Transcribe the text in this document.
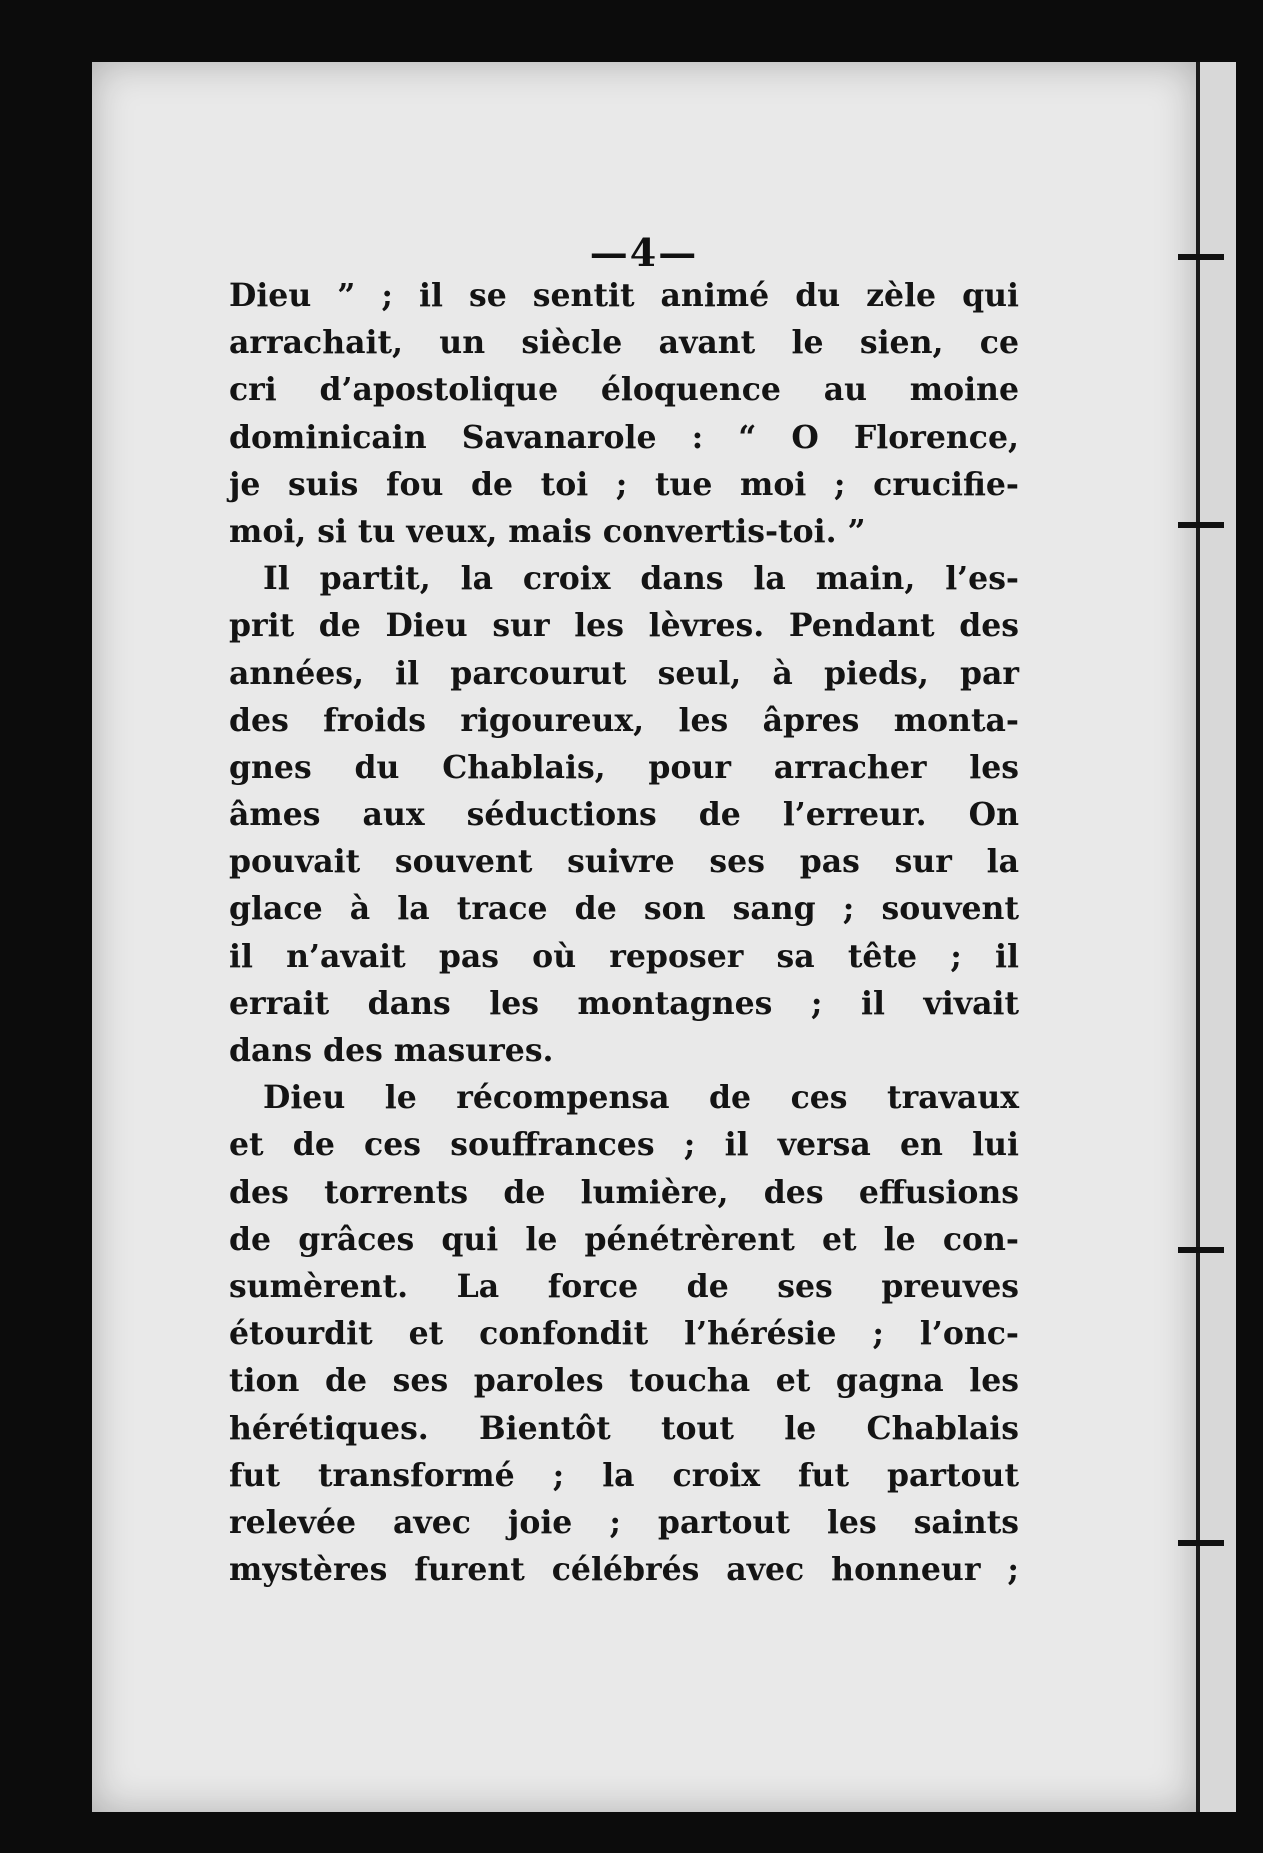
—4—
Dieu ” ; il se sentit animé du zèle qui
arrachait, un siècle avant le sien, ce
cri d’apostolique éloquence au moine
dominicain Savanarole : “ O Florence,
je suis fou de toi ; tue moi ; crucifie-
moi, si tu veux, mais convertis-toi. ”
Il partit, la croix dans la main, l’es-
prit de Dieu sur les lèvres. Pendant des
années, il parcourut seul, à pieds, par
des froids rigoureux, les âpres monta-
gnes du Chablais, pour arracher les
âmes aux séductions de l’erreur. On
pouvait souvent suivre ses pas sur la
glace à la trace de son sang ; souvent
il n’avait pas où reposer sa tête ; il
errait dans les montagnes ; il vivait
dans des masures.
Dieu le récompensa de ces travaux
et de ces souffrances ; il versa en lui
des torrents de lumière, des effusions
de grâces qui le pénétrèrent et le con-
sumèrent. La force de ses preuves
étourdit et confondit l’hérésie ; l’onc-
tion de ses paroles toucha et gagna les
hérétiques. Bientôt tout le Chablais
fut transformé ; la croix fut partout
relevée avec joie ; partout les saints
mystères furent célébrés avec honneur ;
